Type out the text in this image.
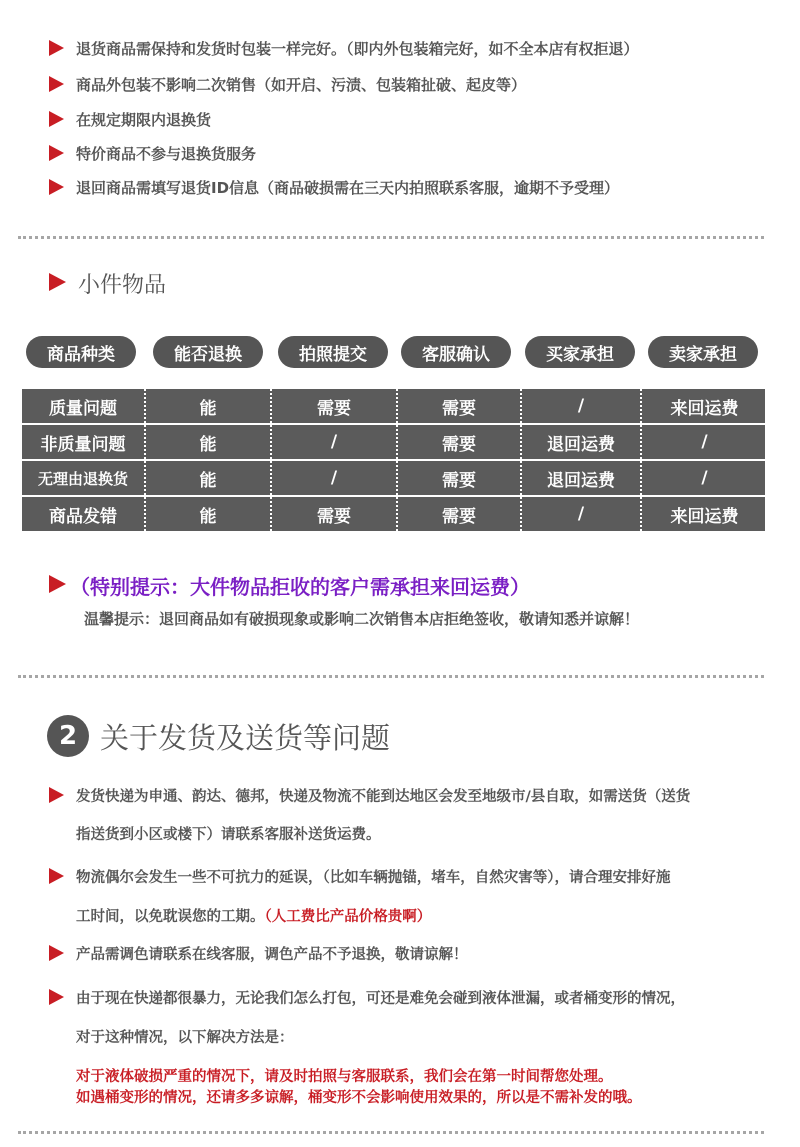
退货商品需保持和发货时包装一样完好。（即内外包装箱完好，如不全本店有权拒退）
商品外包装不影响二次销售（如开启、污渍、包装箱扯破、起皮等）
在规定期限内退换货
特价商品不参与退换货服务
退回商品需填写退货ID信息（商品破损需在三天内拍照联系客服，逾期不予受理）
小件物品
商品种类	能否退换	拍照提交	客服确认	买家承担	卖家承担
质量问题	能	需要	需要	/	来回运费
非质量问题	能	/	需要	退回运费	/
无理由退换货	能	/	需要	退回运费	/
商品发错	能	需要	需要	/	来回运费
（特别提示：大件物品拒收的客户需承担来回运费）
温馨提示：退回商品如有破损现象或影响二次销售本店拒绝签收，敬请知悉并谅解！
2 关于发货及送货等问题
发货快递为申通、韵达、德邦，快递及物流不能到达地区会发至地级市/县自取，如需送货（送货
指送货到小区或楼下）请联系客服补送货运费。
物流偶尔会发生一些不可抗力的延误，（比如车辆抛锚，堵车，自然灾害等），请合理安排好施
工时间，以免耽误您的工期。（人工费比产品价格贵啊）
产品需调色请联系在线客服，调色产品不予退换，敬请谅解！
由于现在快递都很暴力，无论我们怎么打包，可还是难免会碰到液体泄漏，或者桶变形的情况，
对于这种情况，以下解决方法是：
对于液体破损严重的情况下，请及时拍照与客服联系，我们会在第一时间帮您处理。
如遇桶变形的情况，还请多多谅解，桶变形不会影响使用效果的，所以是不需补发的哦。
